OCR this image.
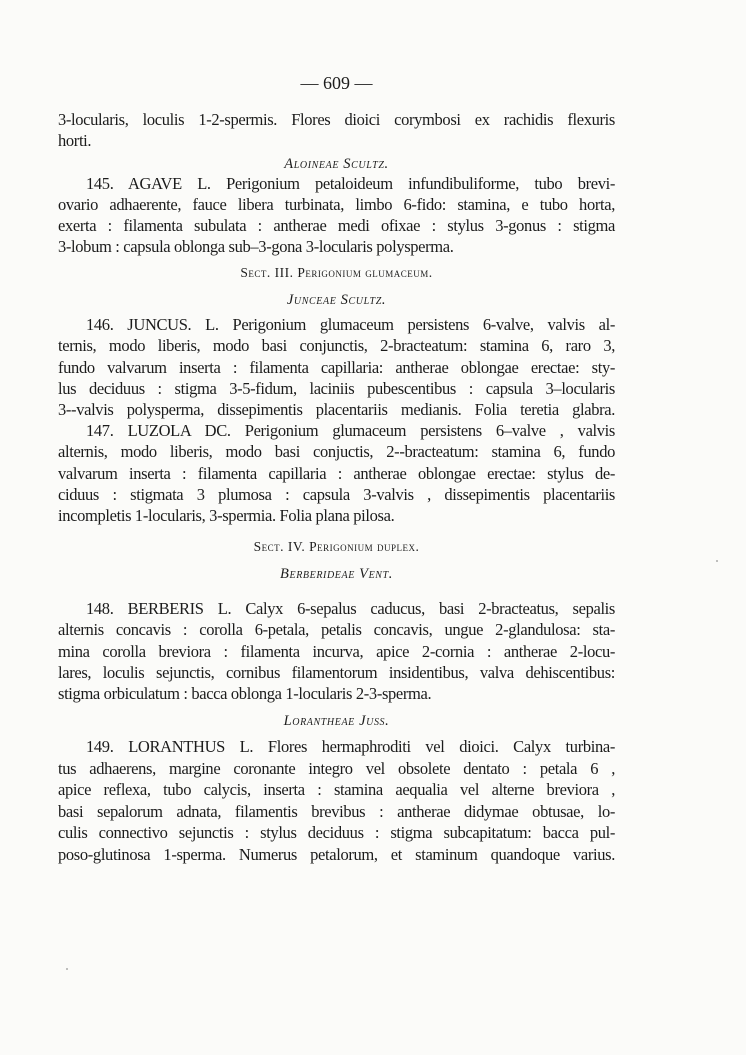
— 609 —
3-locularis, loculis 1-2-spermis. Flores dioici corymbosi ex rachidis flexuris
horti.
Aloineae Scultz.
145. AGAVE L. Perigonium petaloideum infundibuliforme, tubo brevi-
ovario adhaerente, fauce libera turbinata, limbo 6-fido: stamina, e tubo horta,
exerta : filamenta subulata : antherae medi ofixae : stylus 3-gonus : stigma
3-lobum : capsula oblonga sub–3-gona 3-locularis polysperma.
Sect. III. Perigonium glumaceum.
Junceae Scultz.
146. JUNCUS. L. Perigonium glumaceum persistens 6-valve, valvis al-
ternis, modo liberis, modo basi conjunctis, 2-bracteatum: stamina 6, raro 3,
fundo valvarum inserta : filamenta capillaria: antherae oblongae erectae: sty-
lus deciduus : stigma 3-5-fidum, laciniis pubescentibus : capsula 3–locularis
3--valvis polysperma, dissepimentis placentariis medianis. Folia teretia glabra.
147. LUZOLA DC. Perigonium glumaceum persistens 6–valve , valvis
alternis, modo liberis, modo basi conjuctis, 2--bracteatum: stamina 6, fundo
valvarum inserta : filamenta capillaria : antherae oblongae erectae: stylus de-
ciduus : stigmata 3 plumosa : capsula 3-valvis , dissepimentis placentariis
incompletis 1-locularis, 3-spermia. Folia plana pilosa.
Sect. IV. Perigonium duplex.
Berberideae Vent.
148. BERBERIS L. Calyx 6-sepalus caducus, basi 2-bracteatus, sepalis
alternis concavis : corolla 6-petala, petalis concavis, ungue 2-glandulosa: sta-
mina corolla breviora : filamenta incurva, apice 2-cornia : antherae 2-locu-
lares, loculis sejunctis, cornibus filamentorum insidentibus, valva dehiscentibus:
stigma orbiculatum : bacca oblonga 1-locularis 2-3-sperma.
Loranthеae Juss.
149. LORANTHUS L. Flores hermaphroditi vel dioici. Calyx turbina-
tus adhaerens, margine coronante integro vel obsolete dentato : petala 6 ,
apice reflexa, tubo calycis, inserta : stamina aequalia vel alterne breviora ,
basi sepalorum adnata, filamentis brevibus : antherae didymae obtusae, lo-
culis connectivo sejunctis : stylus deciduus : stigma subcapitatum: bacca pul-
poso-glutinosa 1-sperma. Numerus petalorum, et staminum quandoque varius.
